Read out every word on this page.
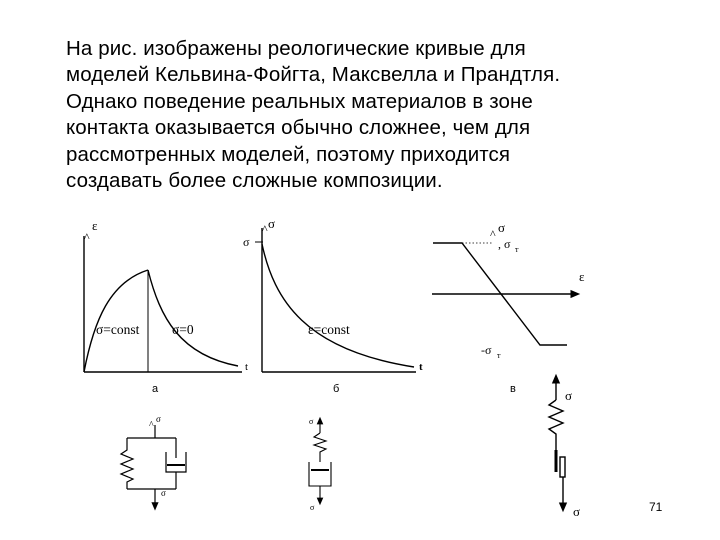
На рис. изображены реологические кривые для
моделей Кельвина-Фойгта, Максвелла и Прандтля.
Однако поведение реальных материалов в зоне
контакта оказывается обычно сложнее, чем для
рассмотренных моделей, поэтому приходится
создавать более сложные композиции.
^
ε
σ=const σ=0
t
а
^ σ
σ
ε=const
t
б
^ σ
, σ т
ε
-σ т
в
^
σ
σ
σ
σ
σ
σ	71
